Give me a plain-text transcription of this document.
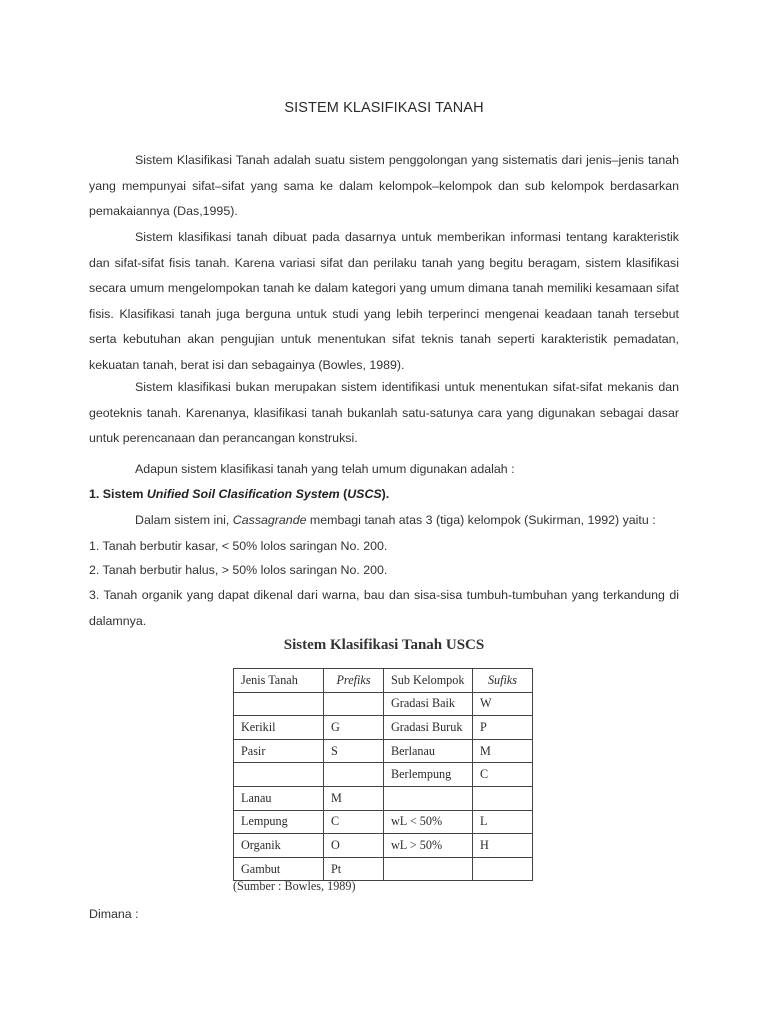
SISTEM KLASIFIKASI TANAH

Sistem Klasifikasi Tanah adalah suatu sistem penggolongan yang sistematis dari jenis–jenis tanah yang mempunyai sifat–sifat yang sama ke dalam kelompok–kelompok dan sub kelompok berdasarkan pemakaiannya (Das,1995).

Sistem klasifikasi tanah dibuat pada dasarnya untuk memberikan informasi tentang karakteristik dan sifat-sifat fisis tanah. Karena variasi sifat dan perilaku tanah yang begitu beragam, sistem klasifikasi secara umum mengelompokan tanah ke dalam kategori yang umum dimana tanah memiliki kesamaan sifat fisis. Klasifikasi tanah juga berguna untuk studi yang lebih terperinci mengenai keadaan tanah tersebut serta kebutuhan akan pengujian untuk menentukan sifat teknis tanah seperti karakteristik pemadatan, kekuatan tanah, berat isi dan sebagainya (Bowles, 1989).

Sistem klasifikasi bukan merupakan sistem identifikasi untuk menentukan sifat-sifat mekanis dan geoteknis tanah. Karenanya, klasifikasi tanah bukanlah satu-satunya cara yang digunakan sebagai dasar untuk perencanaan dan perancangan konstruksi.

Adapun sistem klasifikasi tanah yang telah umum digunakan adalah :

1. Sistem Unified Soil Clasification System (USCS).

Dalam sistem ini, Cassagrande membagi tanah atas 3 (tiga) kelompok (Sukirman, 1992) yaitu :

1. Tanah berbutir kasar, < 50% lolos saringan No. 200.

2. Tanah berbutir halus, > 50% lolos saringan No. 200.

3. Tanah organik yang dapat dikenal dari warna, bau dan sisa-sisa tumbuh-tumbuhan yang terkandung di dalamnya.

Sistem Klasifikasi Tanah USCS

Jenis Tanah	Prefiks	Sub Kelompok	Sufiks
		Gradasi Baik	W
Kerikil	G	Gradasi Buruk	P
Pasir	S	Berlanau	M
		Berlempung	C
Lanau	M		
Lempung	C	wL < 50%	L
Organik	O	wL > 50%	H
Gambut	Pt		

(Sumber : Bowles, 1989)

Dimana :
